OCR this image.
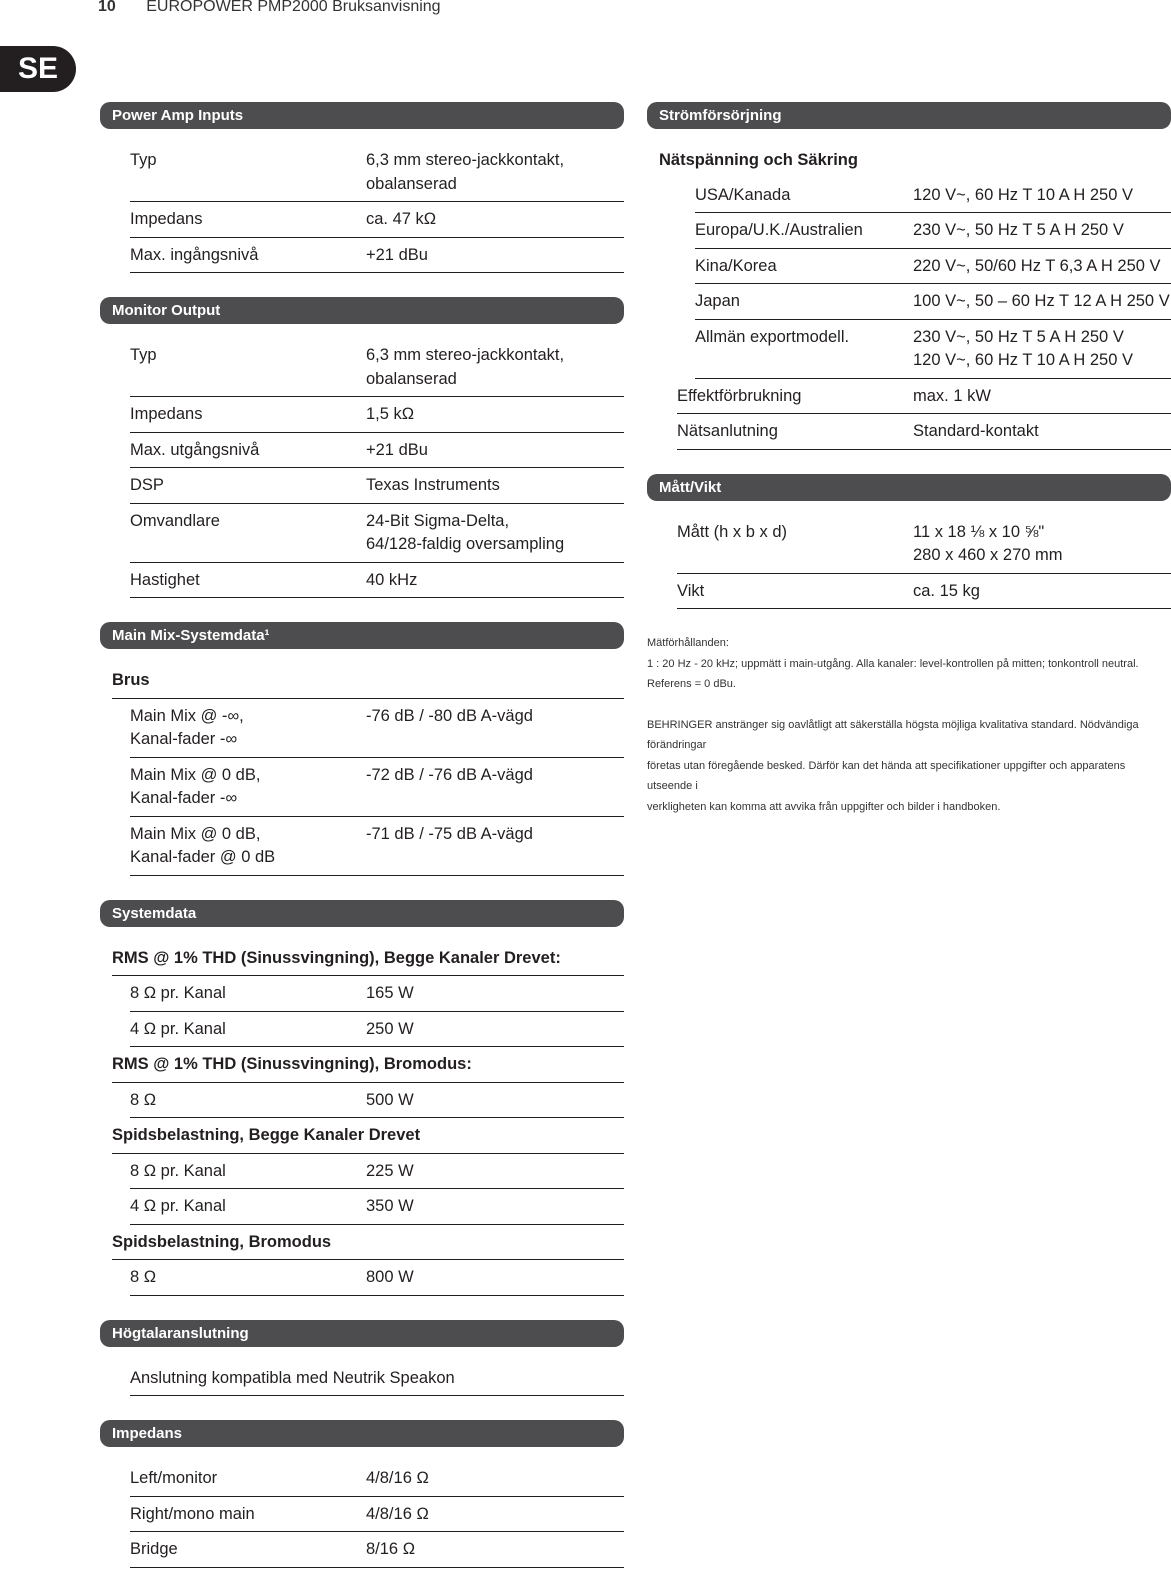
10 EUROPOWER PMP2000 Bruksanvisning
SE
Power Amp Inputs
Typ	6,3 mm stereo-jackkontakt,
obalanserad
Impedans	ca. 47 kΩ
Max. ingångsnivå	+21 dBu
Monitor Output
Typ	6,3 mm stereo-jackkontakt,
obalanserad
Impedans	1,5 kΩ
Max. utgångsnivå	+21 dBu
DSP	Texas Instruments
Omvandlare	24-Bit Sigma-Delta,
64/128-faldig oversampling
Hastighet	40 kHz
Main Mix-Systemdata¹
Brus
Main Mix @ -∞,
Kanal-fader -∞
-76 dB / -80 dB A-vägd
Main Mix @ 0 dB,
Kanal-fader -∞
-72 dB / -76 dB A-vägd
Main Mix @ 0 dB,
Kanal-fader @ 0 dB
-71 dB / -75 dB A-vägd
Systemdata
RMS @ 1% THD (Sinussvingning), Begge Kanaler Drevet:
8 Ω pr. Kanal	165 W
4 Ω pr. Kanal	250 W
RMS @ 1% THD (Sinussvingning), Bromodus:
8 Ω	500 W
Spidsbelastning, Begge Kanaler Drevet
8 Ω pr. Kanal	225 W
4 Ω pr. Kanal	350 W
Spidsbelastning, Bromodus
8 Ω	800 W
Högtalaranslutning
Anslutning kompatibla med Neutrik Speakon
Impedans
Left/monitor	4/8/16 Ω
Right/mono main	4/8/16 Ω
Bridge	8/16 Ω
Strömförsörjning
Nätspänning och Säkring
USA/Kanada	120 V~, 60 Hz T 10 A H 250 V
Europa/U.K./Australien	230 V~, 50 Hz T 5 A H 250 V
Kina/Korea	220 V~, 50/60 Hz T 6,3 A H 250 V
Japan	100 V~, 50 – 60 Hz T 12 A H 250 V
Allmän exportmodell.	230 V~, 50 Hz T 5 A H 250 V
120 V~, 60 Hz T 10 A H 250 V
Effektförbrukning	max. 1 kW
Nätsanlutning	Standard-kontakt
Mått/Vikt
Mått (h x b x d)	11 x 18 ⅛ x 10 ⅝"
280 x 460 x 270 mm
Vikt	ca. 15 kg

Mätförhållanden:

1 : 20 Hz - 20 kHz; uppmätt i main-utgång. Alla kanaler: level-kontrollen på mitten; tonkontroll neutral.

Referens = 0 dBu.

BEHRINGER anstränger sig oavlåtligt att säkerställa högsta möjliga kvalitativa standard. Nödvändiga förändringar

företas utan föregående besked. Därför kan det hända att specifikationer uppgifter och apparatens utseende i

verkligheten kan komma att avvika från uppgifter och bilder i handboken.
